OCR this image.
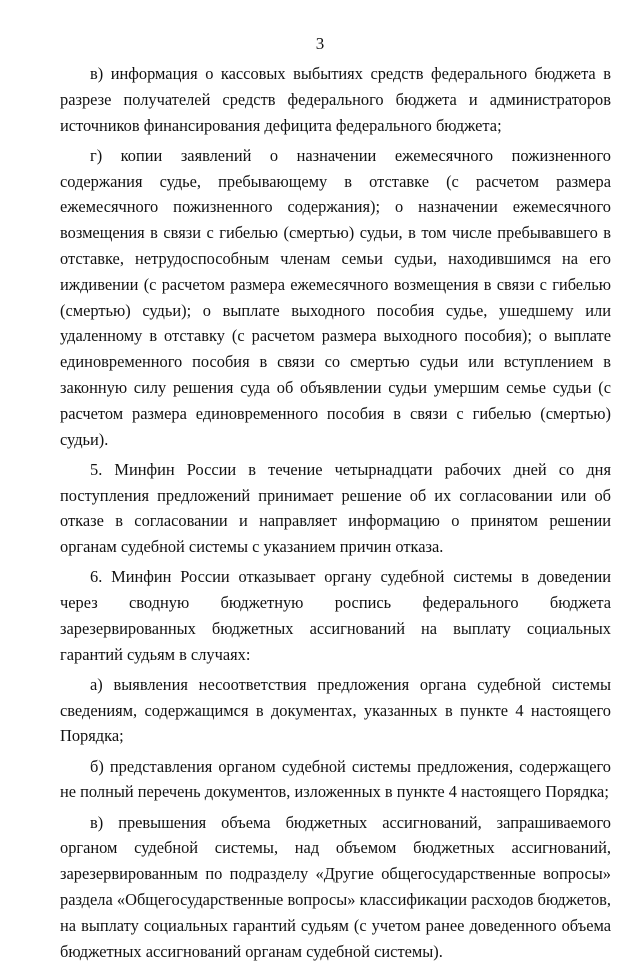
3

в) информация о кассовых выбытиях средств федерального бюджета в разрезе получателей средств федерального бюджета и администраторов источников финансирования дефицита федерального бюджета;

г) копии заявлений о назначении ежемесячного пожизненного содержания судье, пребывающему в отставке (с расчетом размера ежемесячного пожизненного содержания); о назначении ежемесячного возмещения в связи с гибелью (смертью) судьи, в том числе пребывавшего в отставке, нетрудоспособным членам семьи судьи, находившимся на его иждивении (с расчетом размера ежемесячного возмещения в связи с гибелью (смертью) судьи); о выплате выходного пособия судье, ушедшему или удаленному в отставку (с расчетом размера выходного пособия); о выплате единовременного пособия в связи со смертью судьи или вступлением в законную силу решения суда об объявлении судьи умершим семье судьи (с расчетом размера единовременного пособия в связи с гибелью (смертью) судьи).

5. Минфин России в течение четырнадцати рабочих дней со дня поступления предложений принимает решение об их согласовании или об отказе в согласовании и направляет информацию о принятом решении органам судебной системы с указанием причин отказа.

6. Минфин России отказывает органу судебной системы в доведении через сводную бюджетную роспись федерального бюджета зарезервированных бюджетных ассигнований на выплату социальных гарантий судьям в случаях:

а) выявления несоответствия предложения органа судебной системы сведениям, содержащимся в документах, указанных в пункте 4 настоящего Порядка;

б) представления органом судебной системы предложения, содержащего не полный перечень документов, изложенных в пункте 4 настоящего Порядка;

в) превышения объема бюджетных ассигнований, запрашиваемого органом судебной системы, над объемом бюджетных ассигнований, зарезервированным по подразделу «Другие общегосударственные вопросы» раздела «Общегосударственные вопросы» классификации расходов бюджетов, на выплату социальных гарантий судьям (с учетом ранее доведенного объема бюджетных ассигнований органам судебной системы).
